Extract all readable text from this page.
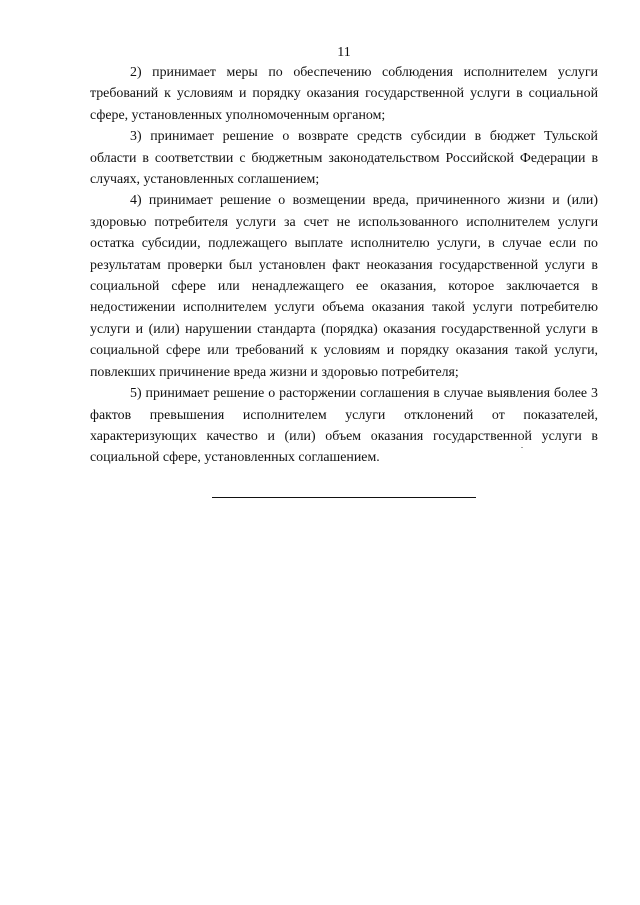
11

2) принимает меры по обеспечению соблюдения исполнителем услуги требований к условиям и порядку оказания государственной услуги в социальной сфере, установленных уполномоченным органом;

3) принимает решение о возврате средств субсидии в бюджет Тульской области в соответствии с бюджетным законодательством Российской Федерации в случаях, установленных соглашением;

4) принимает решение о возмещении вреда, причиненного жизни и (или) здоровью потребителя услуги за счет не использованного исполнителем услуги остатка субсидии, подлежащего выплате исполнителю услуги, в случае если по результатам проверки был установлен факт неоказания государственной услуги в социальной сфере или ненадлежащего ее оказания, которое заключается в недостижении исполнителем услуги объема оказания такой услуги потребителю услуги и (или) нарушении стандарта (порядка) оказания государственной услуги в социальной сфере или требований к условиям и порядку оказания такой услуги, повлекших причинение вреда жизни и здоровью потребителя;

5) принимает решение о расторжении соглашения в случае выявления более 3 фактов превышения исполнителем услуги отклонений от показателей, характеризующих качество и (или) объем оказания государственной услуги в социальной сфере, установленных соглашением.
